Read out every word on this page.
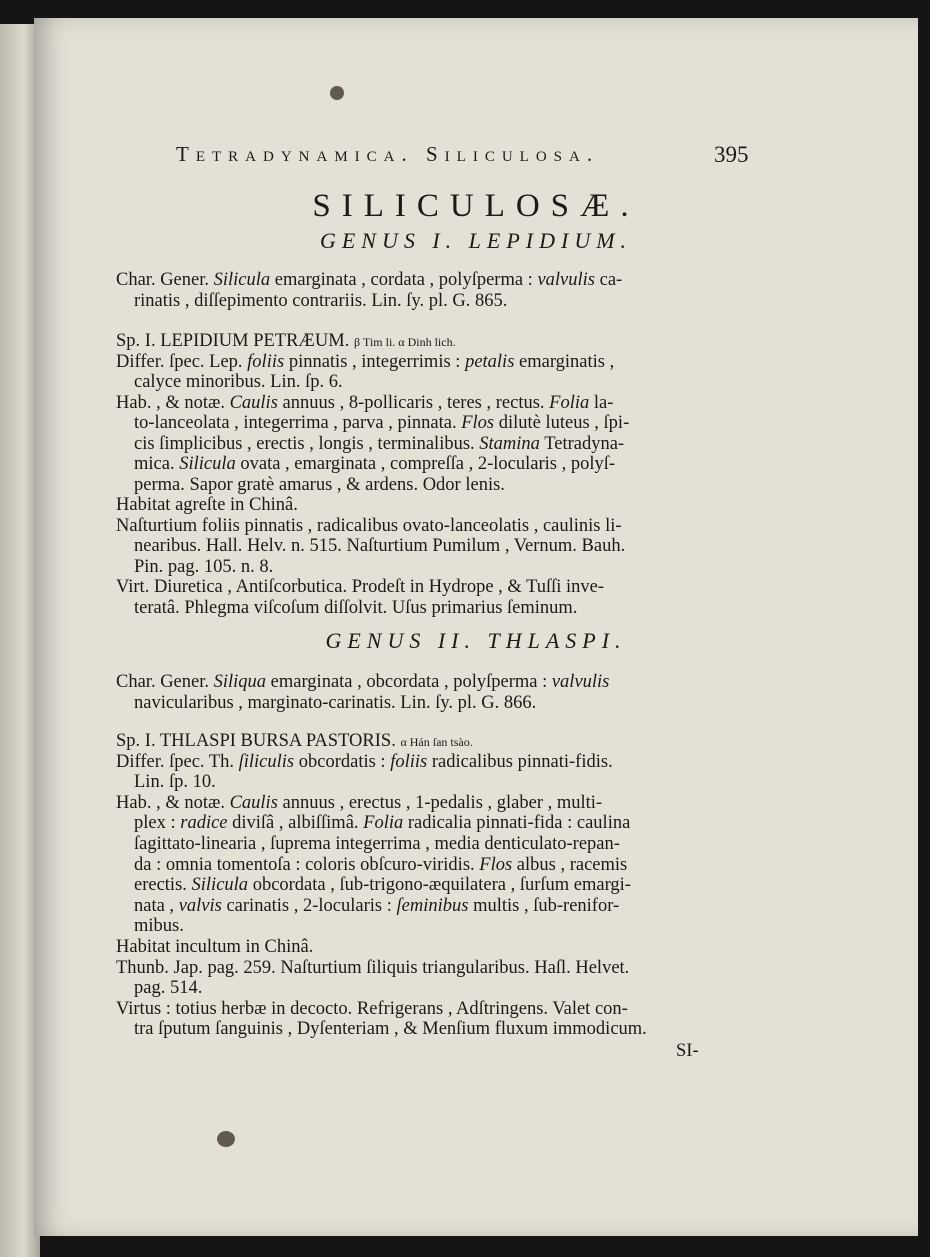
Tetradynamica. Siliculosa.	395
SILICULOSÆ.
GENUS I. LEPIDIUM.
Char. Gener. Silicula emarginata , cordata , polyſperma : valvulis ca-
rinatis , diſſepimento contrariis. Lin. ſy. pl. G. 865.
Sp. I. LEPIDIUM PETRÆUM. β Tim li. α Dinh lich.
Differ. ſpec. Lep. foliis pinnatis , integerrimis : petalis emarginatis ,
calyce minoribus. Lin. ſp. 6.
Hab. , & notæ. Caulis annuus , 8-pollicaris , teres , rectus. Folia la-
to-lanceolata , integerrima , parva , pinnata. Flos dilutè luteus , ſpi-
cis ſimplicibus , erectis , longis , terminalibus. Stamina Tetradyna-
mica. Silicula ovata , emarginata , compreſſa , 2-locularis , polyſ-
perma. Sapor gratè amarus , & ardens. Odor lenis.
Habitat agreſte in Chinâ.
Naſturtium foliis pinnatis , radicalibus ovato-lanceolatis , caulinis li-
nearibus. Hall. Helv. n. 515. Naſturtium Pumilum , Vernum. Bauh.
Pin. pag. 105. n. 8.
Virt. Diuretica , Antiſcorbutica. Prodeſt in Hydrope , & Tuſſi inve-
teratâ. Phlegma viſcoſum diſſolvit. Uſus primarius ſeminum.
GENUS II. THLASPI.
Char. Gener. Siliqua emarginata , obcordata , polyſperma : valvulis
navicularibus , marginato-carinatis. Lin. ſy. pl. G. 866.
Sp. I. THLASPI BURSA PASTORIS. α Hán ſan tsào.
Differ. ſpec. Th. ſiliculis obcordatis : foliis radicalibus pinnati-fidis.
Lin. ſp. 10.
Hab. , & notæ. Caulis annuus , erectus , 1-pedalis , glaber , multi-
plex : radice diviſâ , albiſſimâ. Folia radicalia pinnati-fida : caulina
ſagittato-linearia , ſuprema integerrima , media denticulato-repan-
da : omnia tomentoſa : coloris obſcuro-viridis. Flos albus , racemis
erectis. Silicula obcordata , ſub-trigono-æquilatera , ſurſum emargi-
nata , valvis carinatis , 2-locularis : ſeminibus multis , ſub-renifor-
mibus.
Habitat incultum in Chinâ.
Thunb. Jap. pag. 259. Naſturtium ſiliquis triangularibus. Haſl. Helvet.
pag. 514.
Virtus : totius herbæ in decocto. Refrigerans , Adſtringens. Valet con-
tra ſputum ſanguinis , Dyſenteriam , & Menſium fluxum immodicum.
SI-
